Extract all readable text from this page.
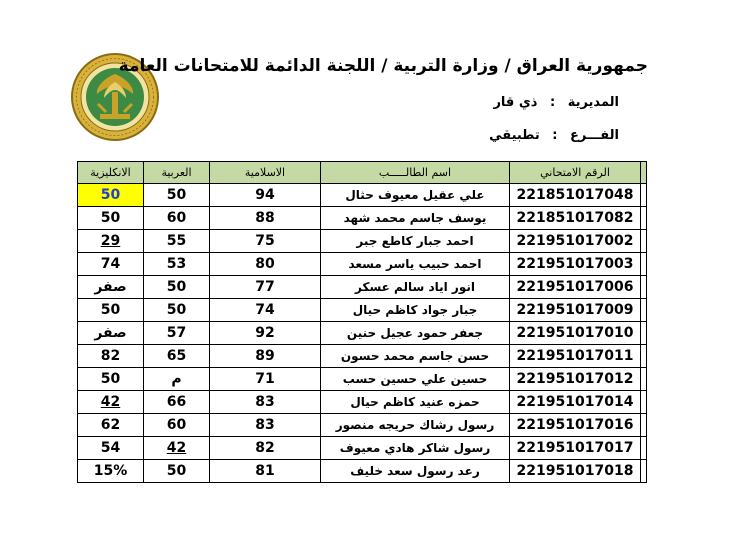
جمهورية العراق / وزارة التربية / اللجنة الدائمة للامتحانات العامة
المديرية : ذي قار
الفـــرع : تطبيقي
الانكليزية	العربية	الاسلامية	اسم الطالـــــب	الرقم الامتحاني	
50	50	94	علي عقيل معيوف حثال	221851017048	
50	60	88	يوسف جاسم محمد شهد	221851017082	
29	55	75	احمد جبار كاطع جبر	221951017002	
74	53	80	احمد حبيب ياسر مسعد	221951017003	
صفر	50	77	انور اياد سالم عسكر	221951017006	
50	50	74	جبار جواد كاظم حيال	221951017009	
صفر	57	92	جعفر حمود عجيل حنين	221951017010	
82	65	89	حسن جاسم محمد حسون	221951017011	
50	م	71	حسين علي حسين حسب	221951017012	
42	66	83	حمزه عنيد كاظم حيال	221951017014	
62	60	83	رسول رشاك حريجه منصور	221951017016	
54	42	82	رسول شاكر هادي معيوف	221951017017	
15%	50	81	رعد رسول سعد خليف	221951017018	
